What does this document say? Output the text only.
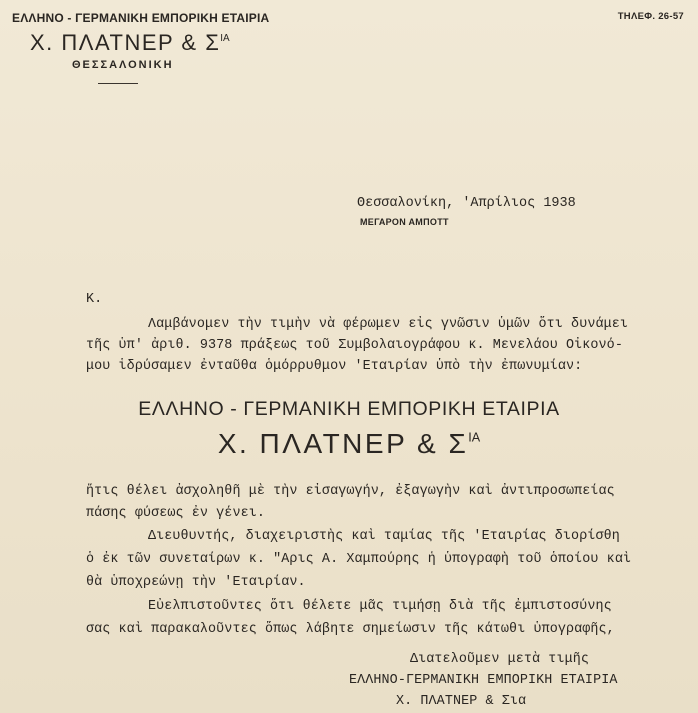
ΕΛΛΗΝΟ - ΓΕΡΜΑΝΙΚΗ ΕΜΠΟΡΙΚΗ ΕΤΑΙΡΙΑ
Χ. ΠΛΑΤΝΕΡ & $\Sigma^{IA}$
ΘΕΣΣΑΛΟΝΙΚΗ
ΤΗΛΕΦ. 26-57
Θεσσαλονίκη, 'Απρίλιος 1938
ΜΕΓΑΡΟΝ ΑΜΠΟΤΤ
Κ.
Λαμβάνομεν τὴν τιμὴν νὰ φέρωμεν εἰς γνῶσιν ὑμῶν ὅτι δυνάμει
τῆς ὑπ' ἀριθ. 9378 πράξεως τοῦ Συμβολαιογράφου κ. Μενελάου Οἰκονό-
μου ἱδρύσαμεν ἐνταῦθα ὁμόρρυθμον 'Εταιρίαν ὑπὸ τὴν ἐπωνυμίαν:
ΕΛΛΗΝΟ - ΓΕΡΜΑΝΙΚΗ ΕΜΠΟΡΙΚΗ ΕΤΑΙΡΙΑ
Χ. ΠΛΑΤΝΕΡ & $\Sigma^{IA}$
ἥτις θέλει ἀσχοληθῆ μὲ τὴν εἰσαγωγήν, ἐξαγωγὴν καὶ ἀντιπροσωπείας
πάσης φύσεως ἐν γένει.
Διευθυντής, διαχειριστὴς καὶ ταμίας τῆς 'Εταιρίας διορίσθη
ὁ ἐκ τῶν συνεταίρων κ. "Αρις Α. Χαμπούρης ἡ ὑπογραφὴ τοῦ ὁποίου καὶ
θὰ ὑποχρεώνῃ τὴν 'Εταιρίαν.
Εὐελπιστοῦντες ὅτι θέλετε μᾶς τιμήσῃ διὰ τῆς ἐμπιστοσύνης
σας καὶ παρακαλοῦντες ὅπως λάβητε σημείωσιν τῆς κάτωθι ὑπογραφῆς,
Διατελοῦμεν μετὰ τιμῆς
ΕΛΛΗΝΟ-ΓΕΡΜΑΝΙΚΗ ΕΜΠΟΡΙΚΗ ΕΤΑΙΡΙΑ
Χ. ΠΛΑΤΝΕΡ & Σια
